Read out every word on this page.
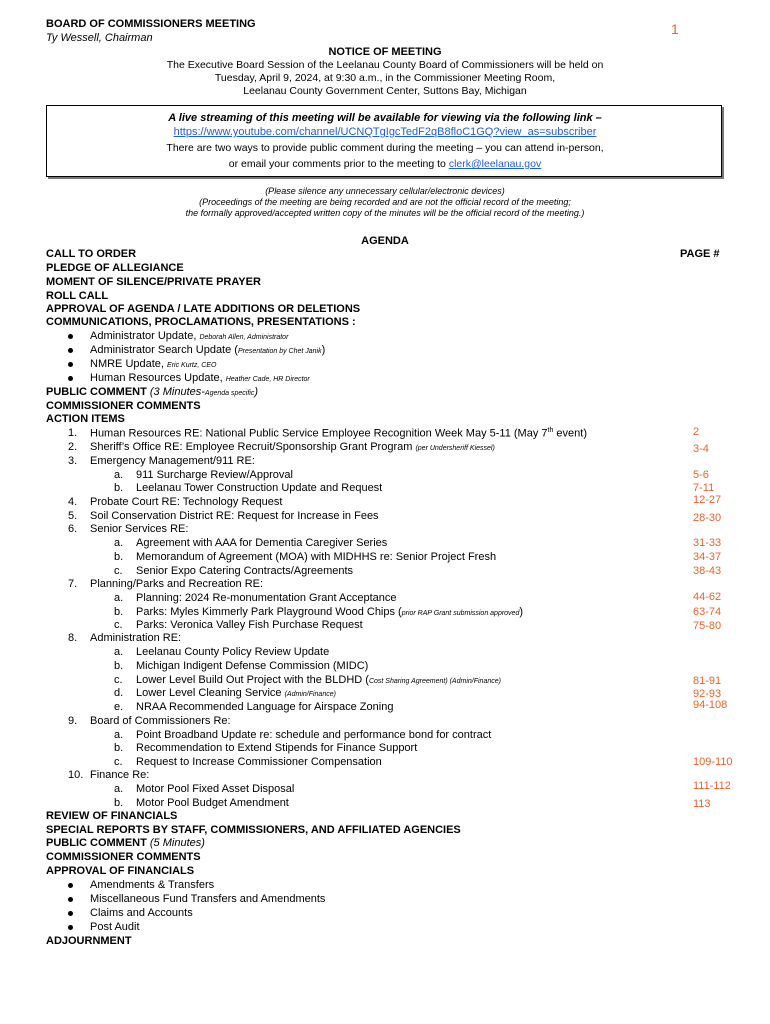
BOARD OF COMMISSIONERS MEETING
Ty Wessell, Chairman
1
NOTICE OF MEETING
The Executive Board Session of the Leelanau County Board of Commissioners will be held on
Tuesday, April 9, 2024, at 9:30 a.m., in the Commissioner Meeting Room,
Leelanau County Government Center, Suttons Bay, Michigan
A live streaming of this meeting will be available for viewing via the following link –
https://www.youtube.com/channel/UCNQTgIgcTedF2qB8floC1GQ?view_as=subscriber
There are two ways to provide public comment during the meeting – you can attend in-person,
or email your comments prior to the meeting to clerk@leelanau.gov
(Please silence any unnecessary cellular/electronic devices)
(Proceedings of the meeting are being recorded and are not the official record of the meeting;
the formally approved/accepted written copy of the minutes will be the official record of the meeting.)
AGENDA
PAGE #
CALL TO ORDER
PLEDGE OF ALLEGIANCE
MOMENT OF SILENCE/PRIVATE PRAYER
ROLL CALL
APPROVAL OF AGENDA / LATE ADDITIONS OR DELETIONS
COMMUNICATIONS, PROCLAMATIONS, PRESENTATIONS :
Administrator Update, Deborah Allen, Administrator
Administrator Search Update (Presentation by Chet Janik)
NMRE Update, Eric Kurtz, CEO
Human Resources Update, Heather Cade, HR Director
PUBLIC COMMENT (3 Minutes-Agenda specific)
COMMISSIONER COMMENTS
ACTION ITEMS
1. Human Resources RE: National Public Service Employee Recognition Week May 5-11 (May 7th event)	2
2. Sheriff’s Office RE: Employee Recruit/Sponsorship Grant Program (per Undersheriff Kiessel)	3-4
3. Emergency Management/911 RE:
a. 911 Surcharge Review/Approval	5-6
b. Leelanau Tower Construction Update and Request	7-11
4. Probate Court RE: Technology Request	12-27
5. Soil Conservation District RE: Request for Increase in Fees	28-30
6. Senior Services RE:
a. Agreement with AAA for Dementia Caregiver Series	31-33
b. Memorandum of Agreement (MOA) with MIDHHS re: Senior Project Fresh	34-37
c. Senior Expo Catering Contracts/Agreements	38-43
7. Planning/Parks and Recreation RE:
a. Planning: 2024 Re-monumentation Grant Acceptance	44-62
b. Parks: Myles Kimmerly Park Playground Wood Chips (prior RAP Grant submission approved)	63-74
c. Parks: Veronica Valley Fish Purchase Request	75-80
8. Administration RE:
a. Leelanau County Policy Review Update
b. Michigan Indigent Defense Commission (MIDC)
c. Lower Level Build Out Project with the BLDHD (Cost Sharing Agreement) (Admin/Finance)	81-91
d. Lower Level Cleaning Service (Admin/Finance)	92-93
e. NRAA Recommended Language for Airspace Zoning	94-108
9. Board of Commissioners Re:
a. Point Broadband Update re: schedule and performance bond for contract
b. Recommendation to Extend Stipends for Finance Support
c. Request to Increase Commissioner Compensation	109-110
10. Finance Re:
a. Motor Pool Fixed Asset Disposal	111-112
b. Motor Pool Budget Amendment	113
REVIEW OF FINANCIALS
SPECIAL REPORTS BY STAFF, COMMISSIONERS, AND AFFILIATED AGENCIES
PUBLIC COMMENT (5 Minutes)
COMMISSIONER COMMENTS
APPROVAL OF FINANCIALS
Amendments & Transfers
Miscellaneous Fund Transfers and Amendments
Claims and Accounts
Post Audit
ADJOURNMENT
